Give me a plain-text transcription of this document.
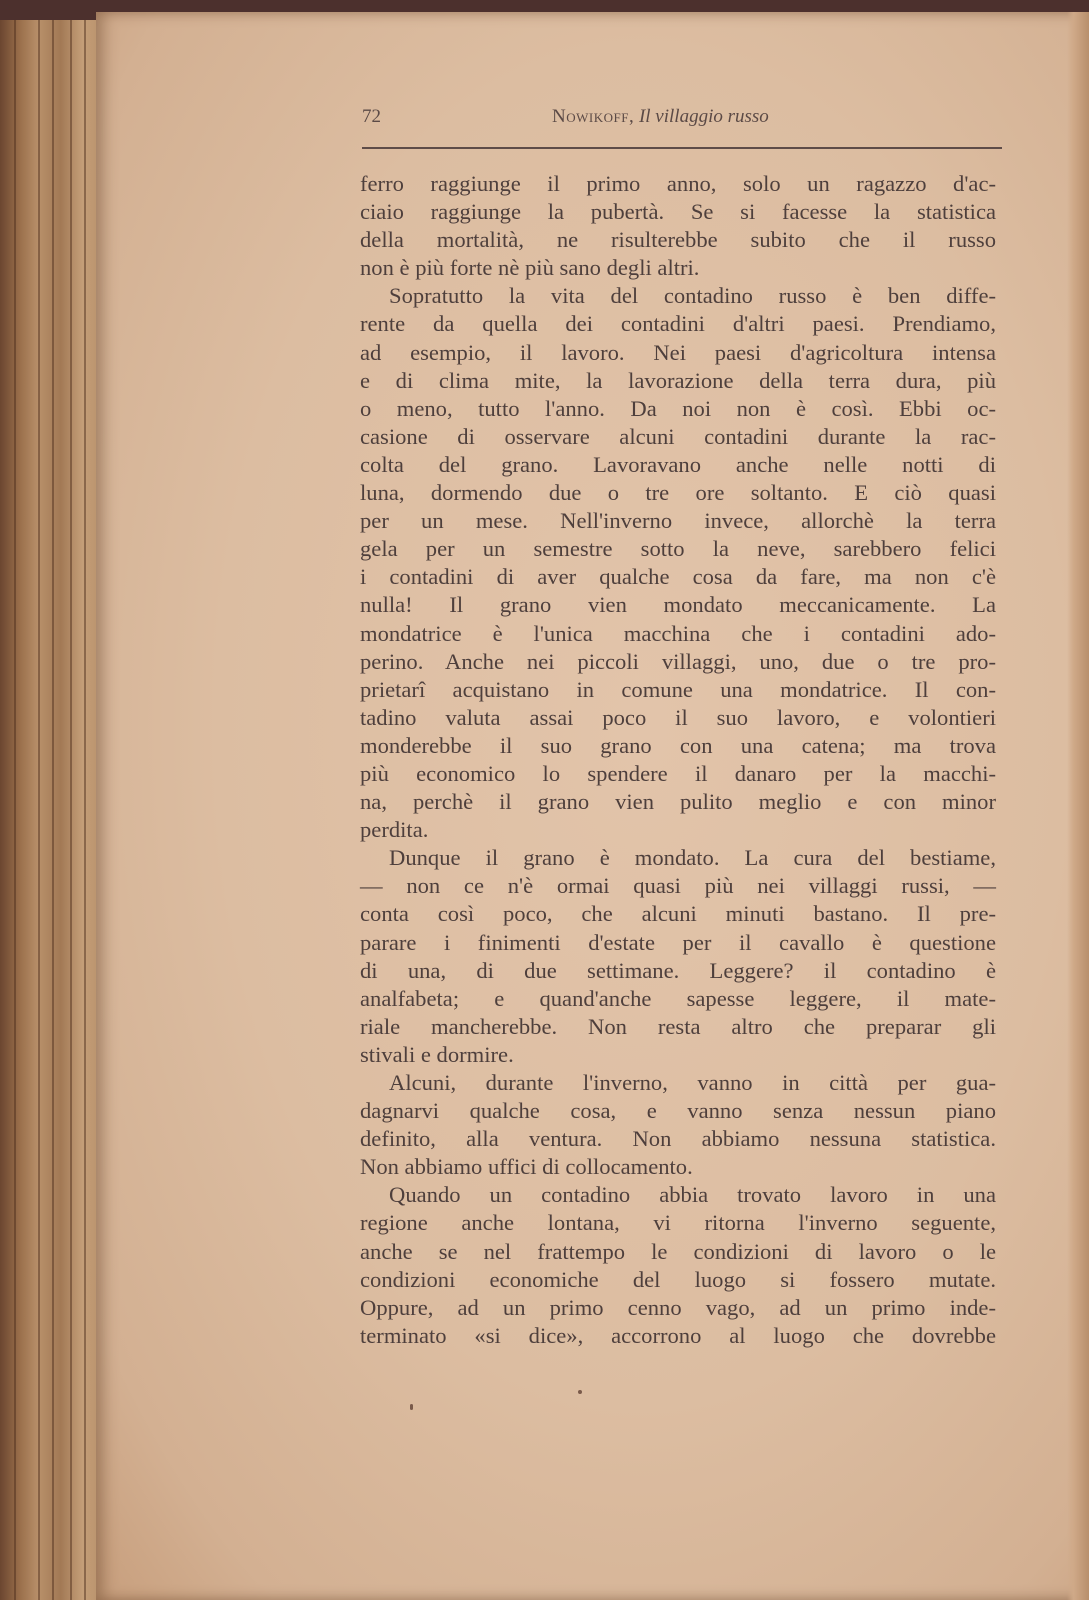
72	Nowikoff, Il villaggio russo
ferro raggiunge il primo anno, solo un ragazzo d'ac-
ciaio raggiunge la pubertà. Se si facesse la statistica
della mortalità, ne risulterebbe subito che il russo
non è più forte nè più sano degli altri.
Sopratutto la vita del contadino russo è ben diffe-
rente da quella dei contadini d'altri paesi. Prendiamo,
ad esempio, il lavoro. Nei paesi d'agricoltura intensa
e di clima mite, la lavorazione della terra dura, più
o meno, tutto l'anno. Da noi non è così. Ebbi oc-
casione di osservare alcuni contadini durante la rac-
colta del grano. Lavoravano anche nelle notti di
luna, dormendo due o tre ore soltanto. E ciò quasi
per un mese. Nell'inverno invece, allorchè la terra
gela per un semestre sotto la neve, sarebbero felici
i contadini di aver qualche cosa da fare, ma non c'è
nulla! Il grano vien mondato meccanicamente. La
mondatrice è l'unica macchina che i contadini ado-
perino. Anche nei piccoli villaggi, uno, due o tre pro-
prietarî acquistano in comune una mondatrice. Il con-
tadino valuta assai poco il suo lavoro, e volontieri
monderebbe il suo grano con una catena; ma trova
più economico lo spendere il danaro per la macchi-
na, perchè il grano vien pulito meglio e con minor
perdita.
Dunque il grano è mondato. La cura del bestiame,
— non ce n'è ormai quasi più nei villaggi russi, —
conta così poco, che alcuni minuti bastano. Il pre-
parare i finimenti d'estate per il cavallo è questione
di una, di due settimane. Leggere? il contadino è
analfabeta; e quand'anche sapesse leggere, il mate-
riale mancherebbe. Non resta altro che preparar gli
stivali e dormire.
Alcuni, durante l'inverno, vanno in città per gua-
dagnarvi qualche cosa, e vanno senza nessun piano
definito, alla ventura. Non abbiamo nessuna statistica.
Non abbiamo uffici di collocamento.
Quando un contadino abbia trovato lavoro in una
regione anche lontana, vi ritorna l'inverno seguente,
anche se nel frattempo le condizioni di lavoro o le
condizioni economiche del luogo si fossero mutate.
Oppure, ad un primo cenno vago, ad un primo inde-
terminato «si dice», accorrono al luogo che dovrebbe
